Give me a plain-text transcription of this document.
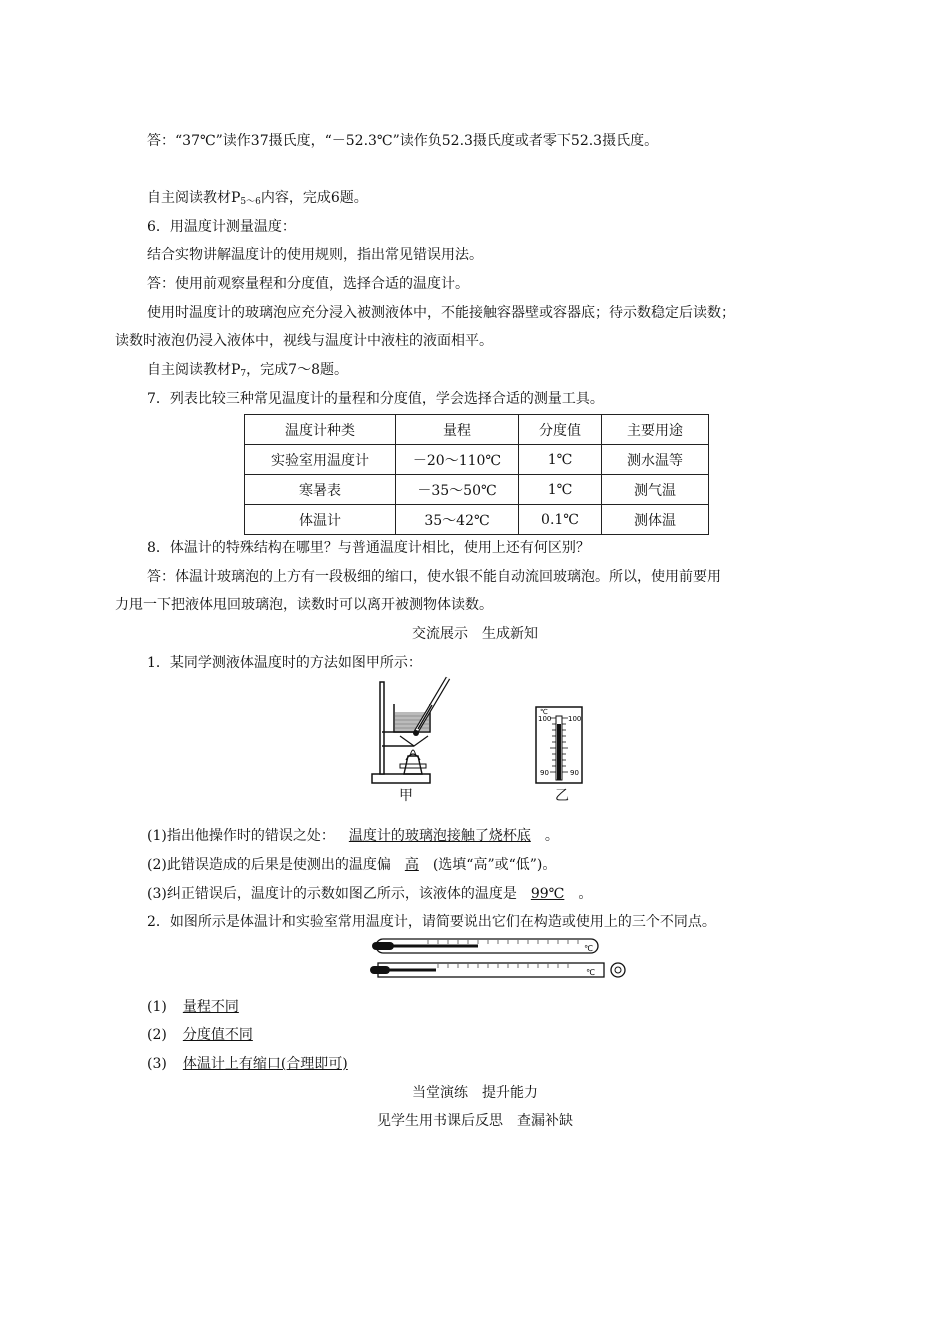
答：“37℃”读作37摄氏度，“－52.3℃”读作负52.3摄氏度或者零下52.3摄氏度。
自主阅读教材$P_{5\sim 6}$内容，完成6题。
6．用温度计测量温度：
结合实物讲解温度计的使用规则，指出常见错误用法。
答：使用前观察量程和分度值，选择合适的温度计。
使用时温度计的玻璃泡应充分浸入被测液体中，不能接触容器壁或容器底；待示数稳定后读数；
读数时液泡仍浸入液体中，视线与温度计中液柱的液面相平。
自主阅读教材$P_7$，完成7～8题。
7．列表比较三种常见温度计的量程和分度值，学会选择合适的测量工具。
温度计种类	量程	分度值	主要用途
实验室用温度计	－20～110℃	1℃	测水温等
寒暑表	－35～50℃	1℃	测气温
体温计	35～42℃	0.1℃	测体温
8．体温计的特殊结构在哪里？与普通温度计相比，使用上还有何区别？
答：体温计玻璃泡的上方有一段极细的缩口，使水银不能自动流回玻璃泡。所以，使用前要用
力甩一下把液体甩回玻璃泡，读数时可以离开被测物体读数。
交流展示　生成新知
1．某同学测液体温度时的方法如图甲所示：
甲
℃
100 100
90	90
乙
(1)指出他操作时的错误之处： 温度计的玻璃泡接触了烧杯底 。
(2)此错误造成的后果是使测出的温度偏 高 (选填“高”或“低”)。
(3)纠正错误后，温度计的示数如图乙所示，该液体的温度是 99℃ 。
2．如图所示是体温计和实验室常用温度计，请简要说出它们在构造或使用上的三个不同点。
℃
℃
(1) 量程不同
(2) 分度值不同
(3) 体温计上有缩口(合理即可)
当堂演练　提升能力
见学生用书课后反思　查漏补缺
